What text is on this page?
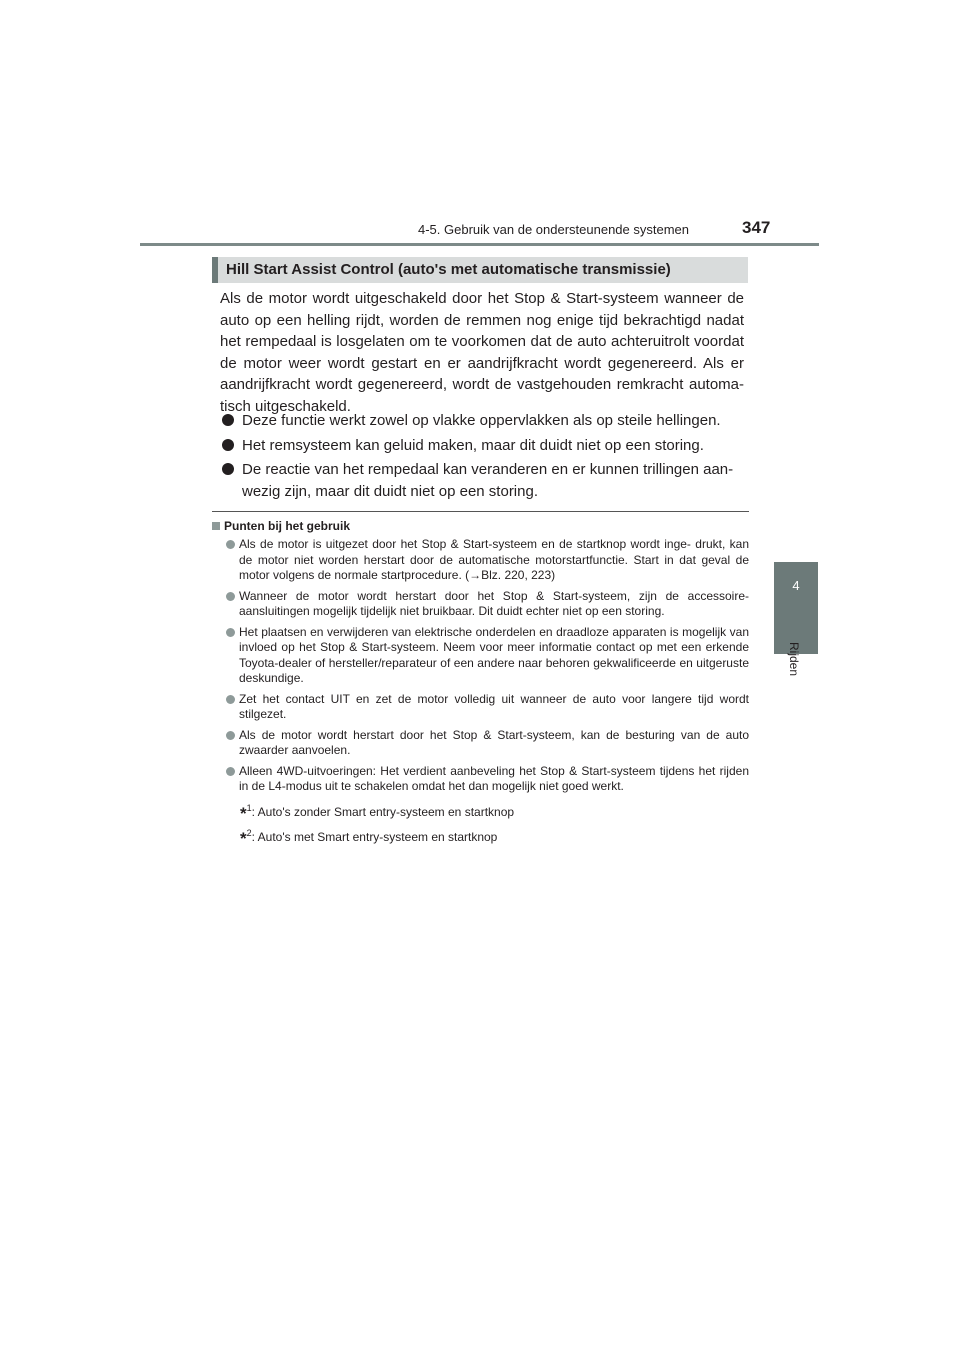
4-5. Gebruik van de ondersteunende systemen	347
4
Rijden
Hill Start Assist Control (auto's met automatische transmissie)
Als de motor wordt uitgeschakeld door het Stop & Start-systeem wanneer de auto op een helling rijdt, worden de remmen nog enige tijd bekrachtigd nadat het rempedaal is losgelaten om te voorkomen dat de auto achteruitrolt voordat de motor weer wordt gestart en er aandrijfkracht wordt gegenereerd. Als er aandrijfkracht wordt gegenereerd, wordt de vastgehouden remkracht automa- tisch uitgeschakeld.
Deze functie werkt zowel op vlakke oppervlakken als op steile hellingen.
Het remsysteem kan geluid maken, maar dit duidt niet op een storing.
De reactie van het rempedaal kan veranderen en er kunnen trillingen aan- wezig zijn, maar dit duidt niet op een storing.
Punten bij het gebruik
Als de motor is uitgezet door het Stop & Start-systeem en de startknop wordt inge- drukt, kan de motor niet worden herstart door de automatische motorstartfunctie. Start in dat geval de motor volgens de normale startprocedure. (→Blz. 220, 223)
Wanneer de motor wordt herstart door het Stop & Start-systeem, zijn de accessoire- aansluitingen mogelijk tijdelijk niet bruikbaar. Dit duidt echter niet op een storing.
Het plaatsen en verwijderen van elektrische onderdelen en draadloze apparaten is mogelijk van invloed op het Stop & Start-systeem. Neem voor meer informatie contact op met een erkende Toyota-dealer of hersteller/reparateur of een andere naar behoren gekwalificeerde en uitgeruste deskundige.
Zet het contact UIT en zet de motor volledig uit wanneer de auto voor langere tijd wordt stilgezet.
Als de motor wordt herstart door het Stop & Start-systeem, kan de besturing van de auto zwaarder aanvoelen.
Alleen 4WD-uitvoeringen: Het verdient aanbeveling het Stop & Start-systeem tijdens het rijden in de L4-modus uit te schakelen omdat het dan mogelijk niet goed werkt.
*$^1$: Auto's zonder Smart entry-systeem en startknop
*$^2$: Auto's met Smart entry-systeem en startknop
